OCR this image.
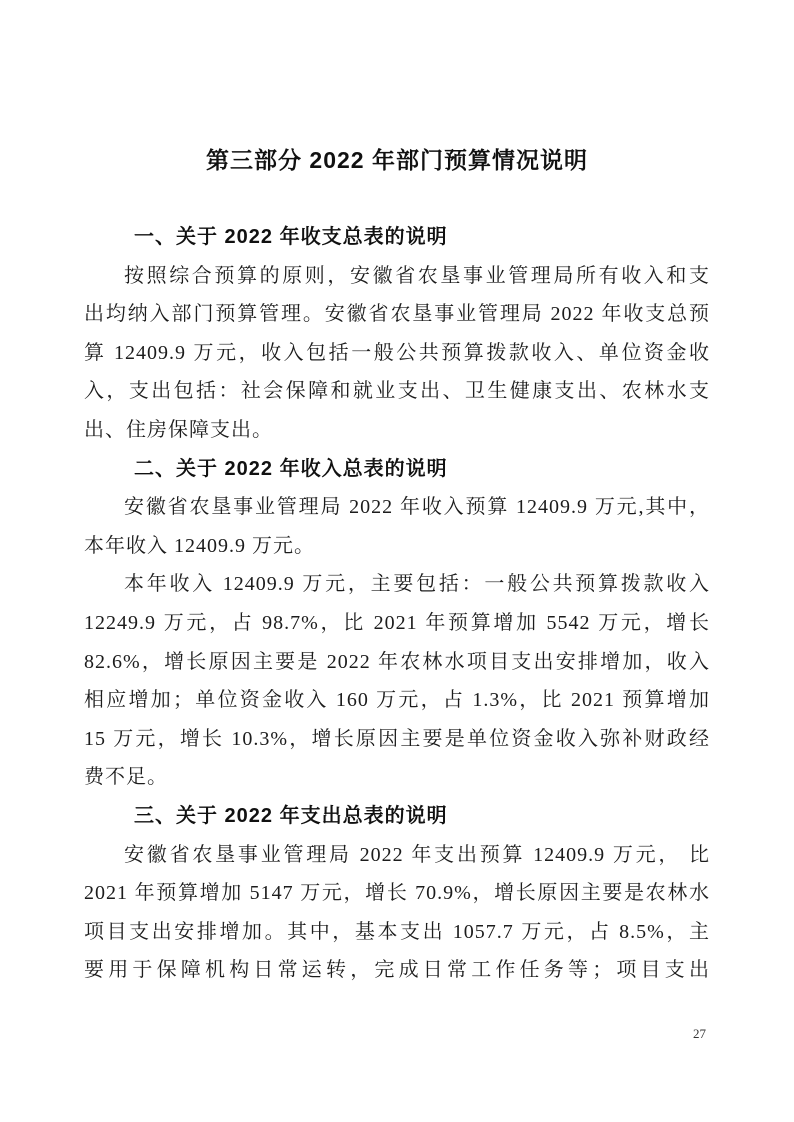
第三部分 2022 年部门预算情况说明
一、关于 2022 年收支总表的说明
按照综合预算的原则，安徽省农垦事业管理局所有收入和支
出均纳入部门预算管理。安徽省农垦事业管理局 2022 年收支总预
算 12409.9 万元，收入包括一般公共预算拨款收入、单位资金收
入，支出包括：社会保障和就业支出、卫生健康支出、农林水支
出、住房保障支出。
二、关于 2022 年收入总表的说明
安徽省农垦事业管理局 2022 年收入预算 12409.9 万元,其中，
本年收入 12409.9 万元。
本年收入 12409.9 万元，主要包括：一般公共预算拨款收入
12249.9 万元，占 98.7%，比 2021 年预算增加 5542 万元，增长
82.6%，增长原因主要是 2022 年农林水项目支出安排增加，收入
相应增加；单位资金收入 160 万元，占 1.3%，比 2021 预算增加
15 万元，增长 10.3%，增长原因主要是单位资金收入弥补财政经
费不足。
三、关于 2022 年支出总表的说明
安徽省农垦事业管理局 2022 年支出预算 12409.9 万元， 比
2021 年预算增加 5147 万元，增长 70.9%，增长原因主要是农林水
项目支出安排增加。其中，基本支出 1057.7 万元，占 8.5%，主
要用于保障机构日常运转，完成日常工作任务等；项目支出
27
